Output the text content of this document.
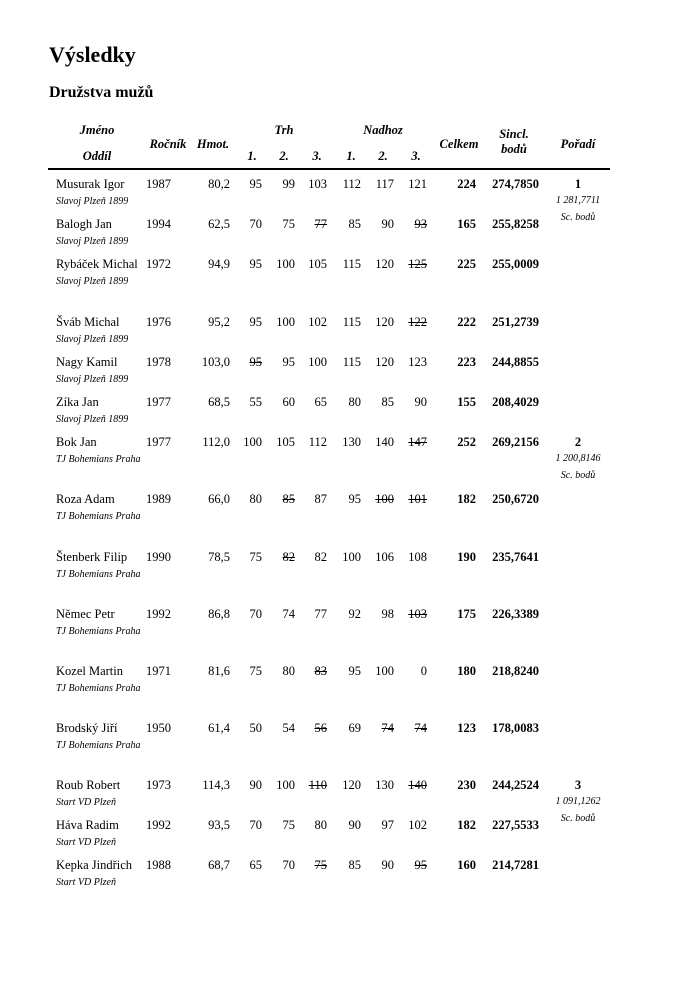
Výsledky
Družstva mužů
Jméno
Oddíl
Ročník Hmot.
Trh
1. 2. 3.
Nadhoz
1. 2. 3.
Celkem
Sincl.
bodů	Pořadí
Musurak Igor
Slavoj Plzeň 1899
1987	80,2	95	99	103	112	117	121	224	274,7850	1
1 281,7711
Sc. bodů
Balogh Jan
Slavoj Plzeň 1899
1994	62,5	70	75	77	85	90	93	165	255,8258
Rybáček Michal
Slavoj Plzeň 1899
1972	94,9	95	100	105	115	120	125	225	255,0009
Šváb Michal
Slavoj Plzeň 1899
1976	95,2	95	100	102	115	120	122	222	251,2739
Nagy Kamil
Slavoj Plzeň 1899
1978	103,0	95	95	100	115	120	123	223	244,8855
Zíka Jan
Slavoj Plzeň 1899
1977	68,5	55	60	65	80	85	90	155	208,4029
Bok Jan
TJ Bohemians Praha
1977	112,0	100	105	112	130	140	147	252	269,2156	2
1 200,8146
Sc. bodů
Roza Adam
TJ Bohemians Praha
1989	66,0	80	85	87	95	100	101	182	250,6720
Štenberk Filip
TJ Bohemians Praha
1990	78,5	75	82	82	100	106	108	190	235,7641
Němec Petr
TJ Bohemians Praha
1992	86,8	70	74	77	92	98	103	175	226,3389
Kozel Martin
TJ Bohemians Praha
1971	81,6	75	80	83	95	100	0	180	218,8240
Brodský Jiří
TJ Bohemians Praha
1950	61,4	50	54	56	69	74	74	123	178,0083
Roub Robert
Start VD Plzeň
1973	114,3	90	100	110	120	130	140	230	244,2524	3
1 091,1262
Sc. bodů
Háva Radim
Start VD Plzeň
1992	93,5	70	75	80	90	97	102	182	227,5533
Kepka Jindřich
Start VD Plzeň
1988	68,7	65	70	75	85	90	95	160	214,7281
